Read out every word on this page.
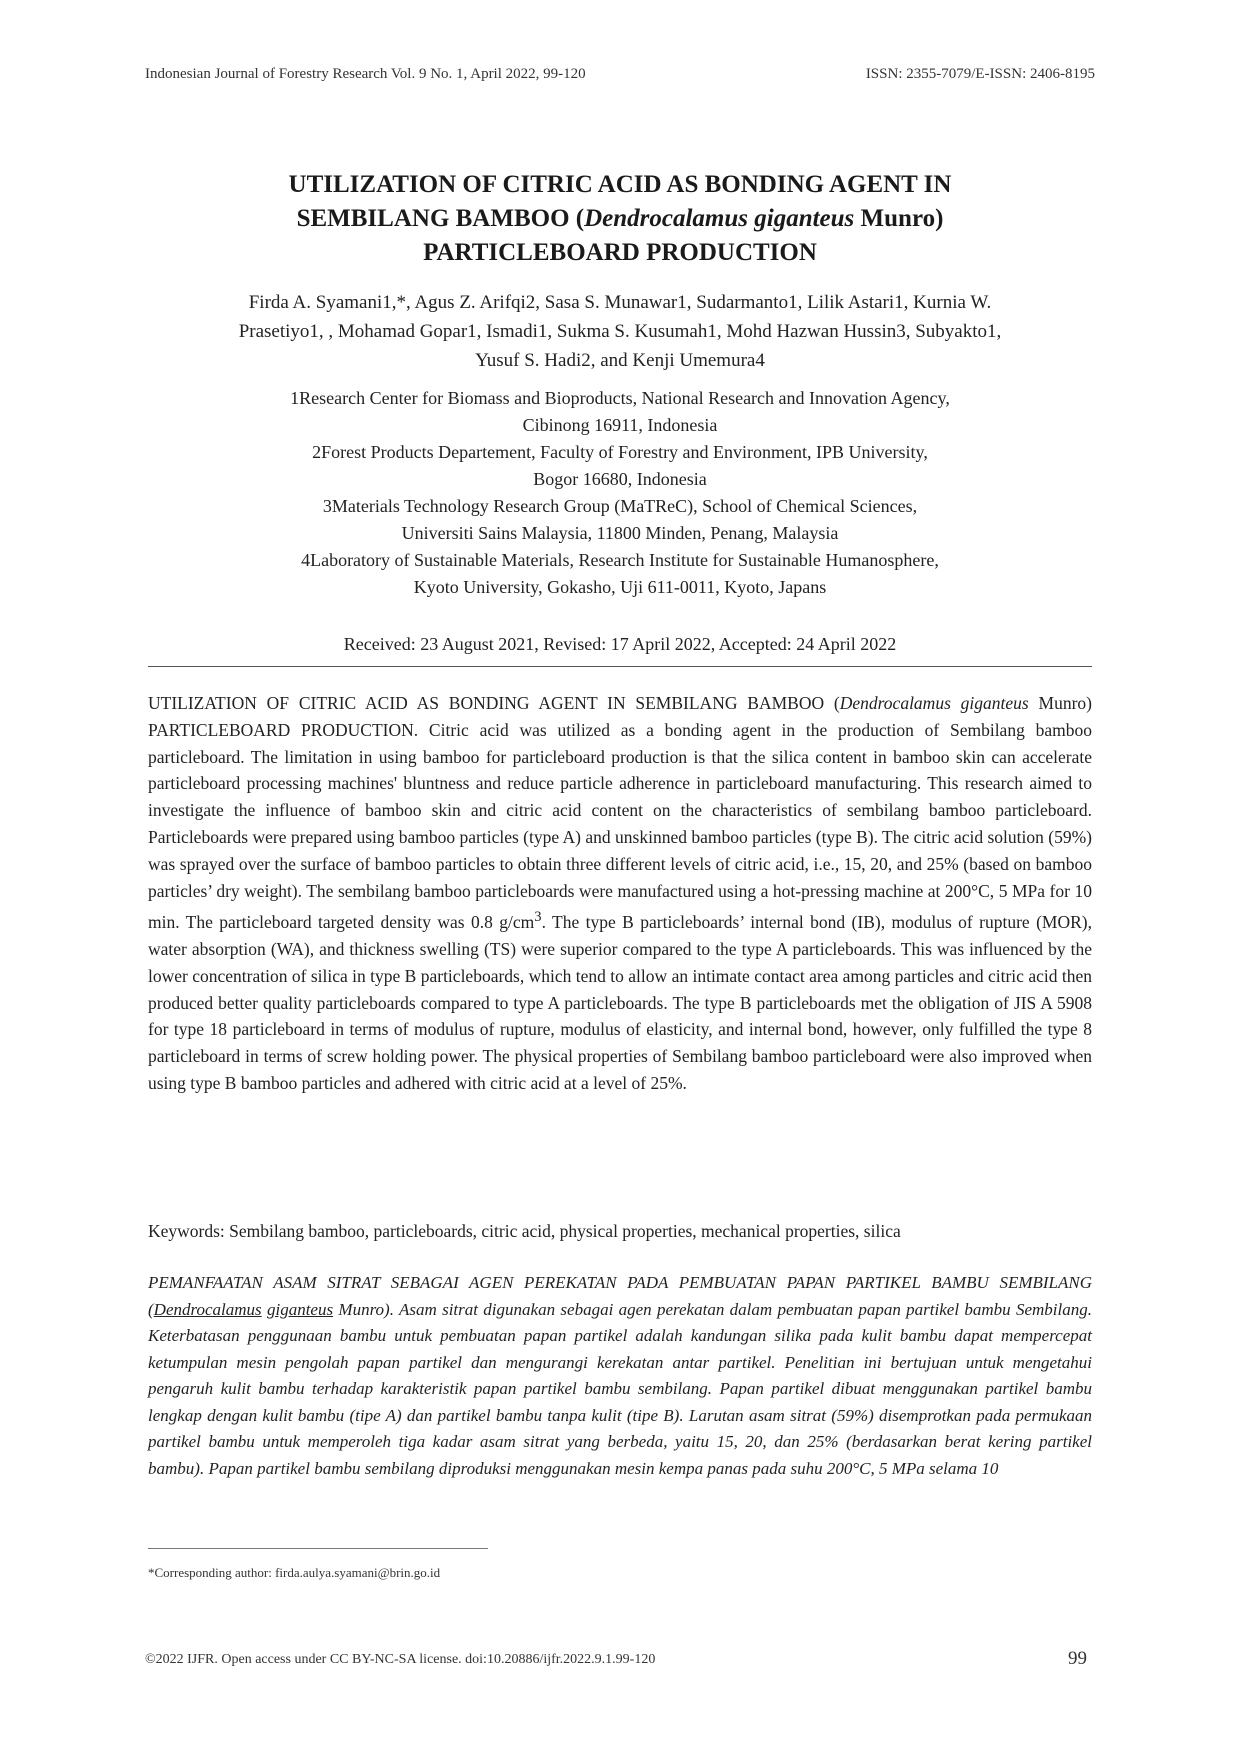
Indonesian Journal of Forestry Research Vol. 9 No. 1, April 2022, 99-120	ISSN: 2355-7079/E-ISSN: 2406-8195
UTILIZATION OF CITRIC ACID AS BONDING AGENT IN
SEMBILANG BAMBOO (Dendrocalamus giganteus Munro)
PARTICLEBOARD PRODUCTION
Firda A. Syamani1,*, Agus Z. Arifqi2, Sasa S. Munawar1, Sudarmanto1, Lilik Astari1, Kurnia W.
Prasetiyo1, , Mohamad Gopar1, Ismadi1, Sukma S. Kusumah1, Mohd Hazwan Hussin3, Subyakto1,
Yusuf S. Hadi2, and Kenji Umemura4

1Research Center for Biomass and Bioproducts, National Research and Innovation Agency,
Cibinong 16911, Indonesia

2Forest Products Departement, Faculty of Forestry and Environment, IPB University,
Bogor 16680, Indonesia

3Materials Technology Research Group (MaTReC), School of Chemical Sciences,
Universiti Sains Malaysia, 11800 Minden, Penang, Malaysia

4Laboratory of Sustainable Materials, Research Institute for Sustainable Humanosphere,
Kyoto University, Gokasho, Uji 611-0011, Kyoto, Japans

Received: 23 August 2021, Revised: 17 April 2022, Accepted: 24 April 2022

UTILIZATION OF CITRIC ACID AS BONDING AGENT IN SEMBILANG BAMBOO (Dendrocalamus giganteus Munro) PARTICLEBOARD PRODUCTION. Citric acid was utilized as a bonding agent in the production of Sembilang bamboo particleboard. The limitation in using bamboo for particleboard production is that the silica content in bamboo skin can accelerate particleboard processing machines' bluntness and reduce particle adherence in particleboard manufacturing. This research aimed to investigate the influence of bamboo skin and citric acid content on the characteristics of sembilang bamboo particleboard. Particleboards were prepared using bamboo particles (type A) and unskinned bamboo particles (type B). The citric acid solution (59%) was sprayed over the surface of bamboo particles to obtain three different levels of citric acid, i.e., 15, 20, and 25% (based on bamboo particles’ dry weight). The sembilang bamboo particleboards were manufactured using a hot-pressing machine at 200°C, 5 MPa for 10 min. The particleboard targeted density was 0.8 $g/cm^3$. The type B particleboards’ internal bond (IB), modulus of rupture (MOR), water absorption (WA), and thickness swelling (TS) were superior compared to the type A particleboards. This was influenced by the lower concentration of silica in type B particleboards, which tend to allow an intimate contact area among particles and citric acid then produced better quality particleboards compared to type A particleboards. The type B particleboards met the obligation of JIS A 5908 for type 18 particleboard in terms of modulus of rupture, modulus of elasticity, and internal bond, however, only fulfilled the type 8 particleboard in terms of screw holding power. The physical properties of Sembilang bamboo particleboard were also improved when using type B bamboo particles and adhered with citric acid at a level of 25%.

Keywords: Sembilang bamboo, particleboards, citric acid, physical properties, mechanical properties, silica

PEMANFAATAN ASAM SITRAT SEBAGAI AGEN PEREKATAN PADA PEMBUATAN PAPAN PARTIKEL BAMBU SEMBILANG (Dendrocalamus giganteus Munro). Asam sitrat digunakan sebagai agen perekatan dalam pembuatan papan partikel bambu Sembilang. Keterbatasan penggunaan bambu untuk pembuatan papan partikel adalah kandungan silika pada kulit bambu dapat mempercepat ketumpulan mesin pengolah papan partikel dan mengurangi kerekatan antar partikel. Penelitian ini bertujuan untuk mengetahui pengaruh kulit bambu terhadap karakteristik papan partikel bambu sembilang. Papan partikel dibuat menggunakan partikel bambu lengkap dengan kulit bambu (tipe A) dan partikel bambu tanpa kulit (tipe B). Larutan asam sitrat (59%) disemprotkan pada permukaan partikel bambu untuk memperoleh tiga kadar asam sitrat yang berbeda, yaitu 15, 20, dan 25% (berdasarkan berat kering partikel bambu). Papan partikel bambu sembilang diproduksi menggunakan mesin kempa panas pada suhu 200°C, 5 MPa selama 10

*Corresponding author: firda.aulya.syamani@brin.go.id
©2022 IJFR. Open access under CC BY-NC-SA license. doi:10.20886/ijfr.2022.9.1.99-120	99
